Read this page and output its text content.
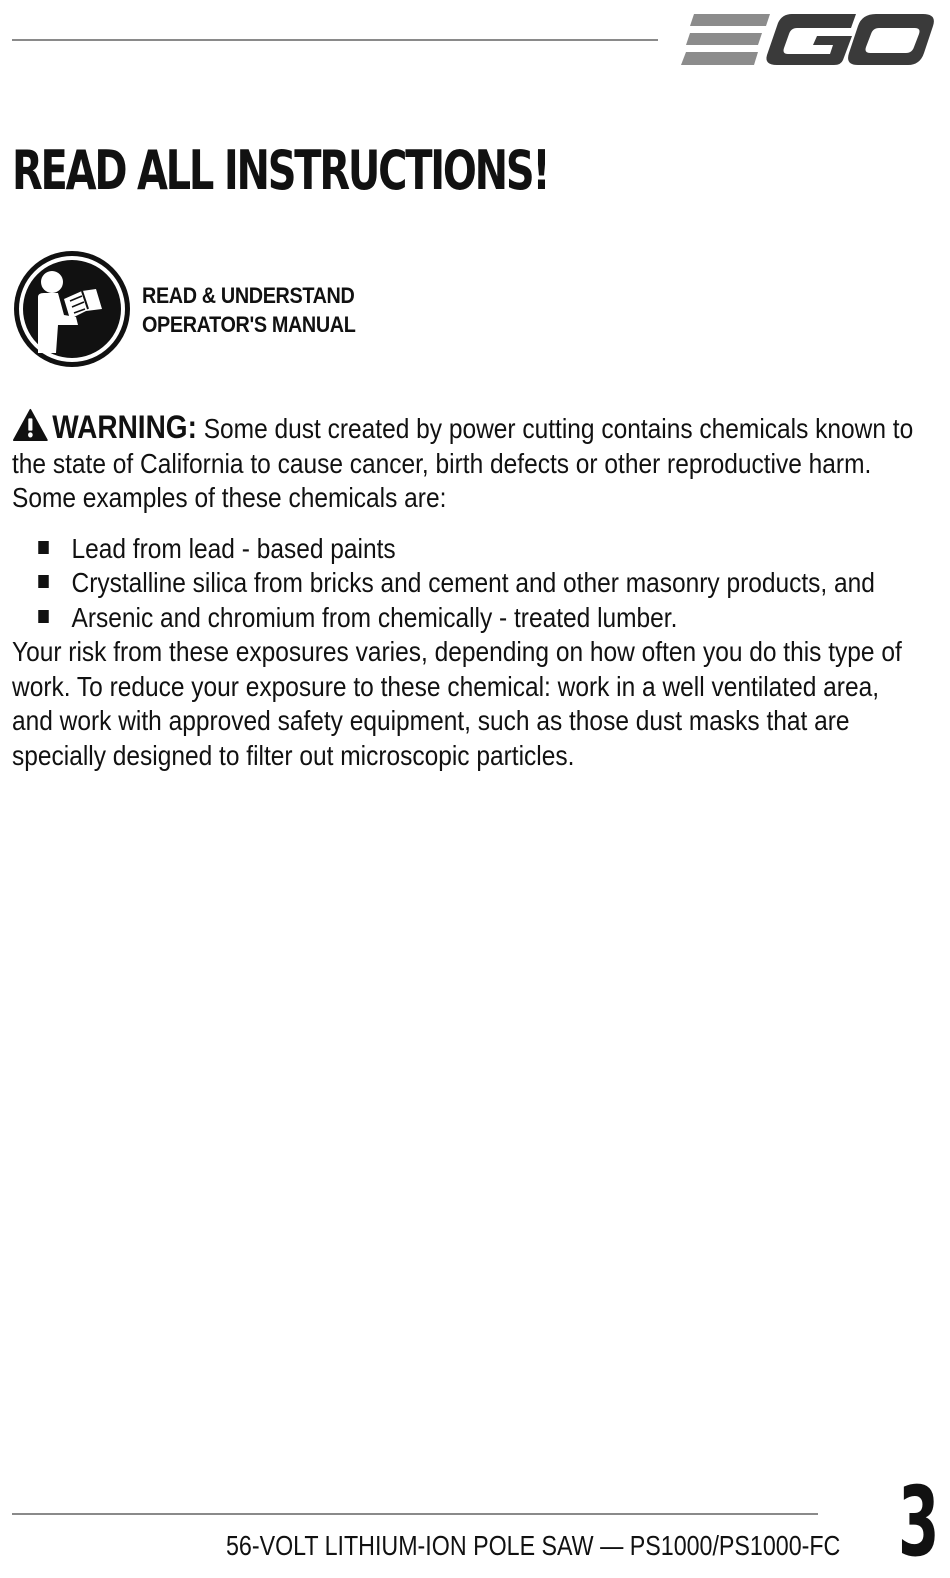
READ ALL INSTRUCTIONS!
READ & UNDERSTAND
OPERATOR'S MANUAL

WARNING: Some dust created by power cutting contains chemicals known to the state of California to cause cancer, birth defects or other reproductive harm. Some examples of these chemicals are:

Lead from lead - based paints
Crystalline silica from bricks and cement and other masonry products, and
Arsenic and chromium from chemically - treated lumber.

Your risk from these exposures varies, depending on how often you do this type of work. To reduce your exposure to these chemical: work in a well ventilated area, and work with approved safety equipment, such as those dust masks that are specially designed to filter out microscopic particles.

56-VOLT LITHIUM-ION POLE SAW — PS1000/PS1000-FC 3
